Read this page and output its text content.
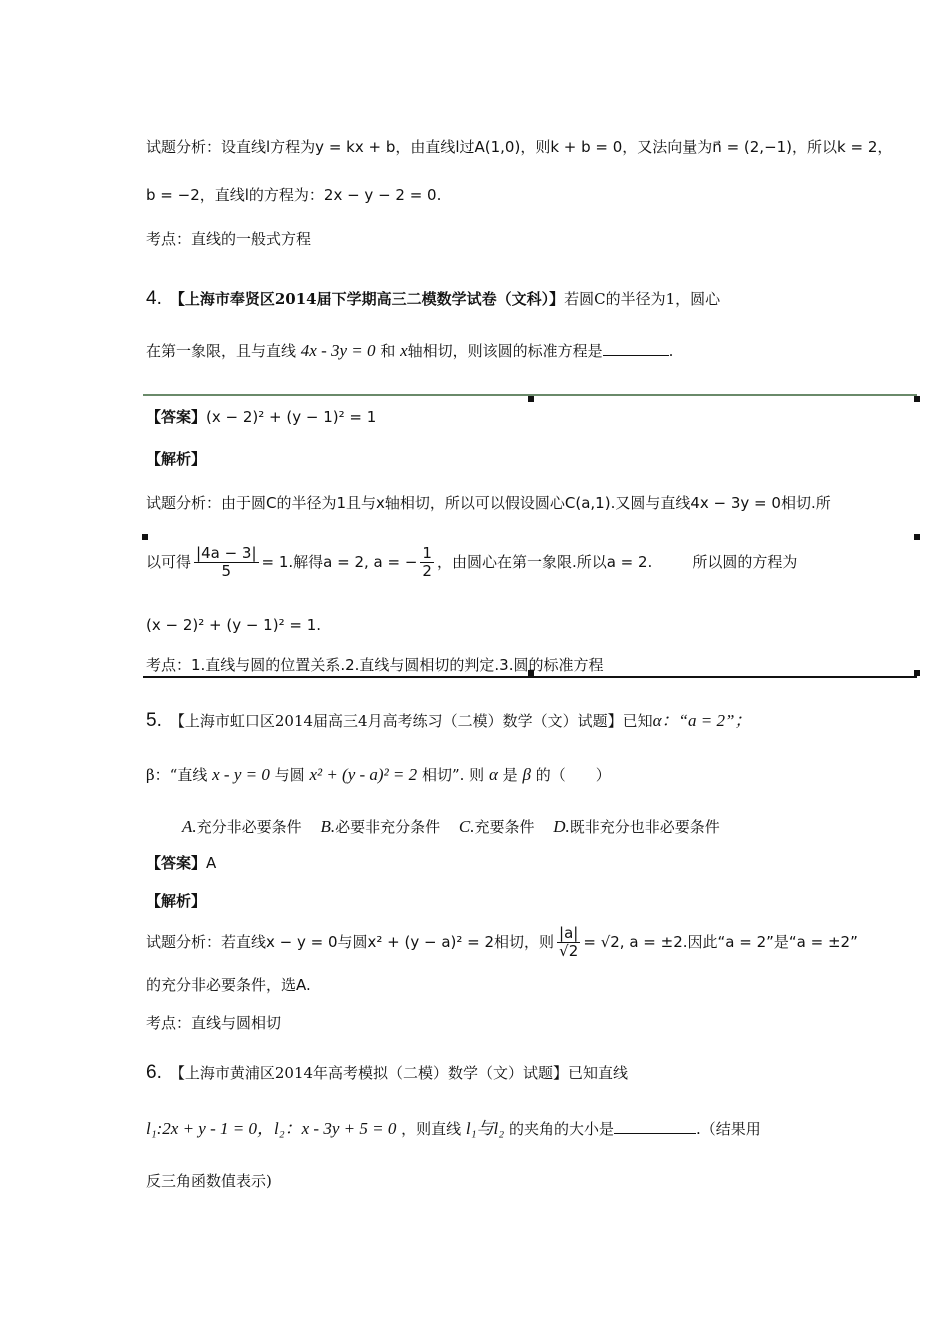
试题分析：设直线l方程为y = kx + b，由直线l过A(1,0)，则k + b = 0，又法向量为n⃗ = (2,−1)，所以k = 2，
b = −2，直线l的方程为：2x − y − 2 = 0.
考点：直线的一般式方程
4. 【上海市奉贤区2014届下学期高三二模数学试卷（文科）】若圆C的半径为1，圆心
在第一象限，且与直线 4x - 3y = 0 和 x轴相切，则该圆的标准方程是	.
【答案】(x − 2)² + (y − 1)² = 1
【解析】
试题分析：由于圆C的半径为1且与x轴相切，所以可以假设圆心C(a,1).又圆与直线4x − 3y = 0相切.所
以可得 $\frac{|4a - 3|}{5} = 1$.解得a = 2, a = − $\frac{1}{2}$ ，由圆心在第一象限.所以a = 2.	所以圆的方程为
(x − 2)² + (y − 1)² = 1.
考点：1.直线与圆的位置关系.2.直线与圆相切的判定.3.圆的标准方程
5. 【上海市虹口区2014届高三4月高考练习（二模）数学（文）试题】已知α：“a = 2”；
β：“直线 x - y = 0 与圆 x² + (y - a)² = 2 相切”. 则 α 是 β 的（　　）
A.充分非必要条件 B.必要非充分条件 C.充要条件 D.既非充分也非必要条件
【答案】A
【解析】
试题分析：若直线x − y = 0与圆x² + (y − a)² = 2相切，则 $\frac{|a|}{√2} = √2$, a = ±2.因此“a = 2”是“a = ±2”
的充分非必要条件，选A.
考点：直线与圆相切
6. 【上海市黄浦区2014年高考模拟（二模）数学（文）试题】已知直线
l₁:2x + y - 1 = 0，l₂：x - 3y + 5 = 0 ，则直线 l₁与l₂ 的夹角的大小是	.（结果用
反三角函数值表示)
